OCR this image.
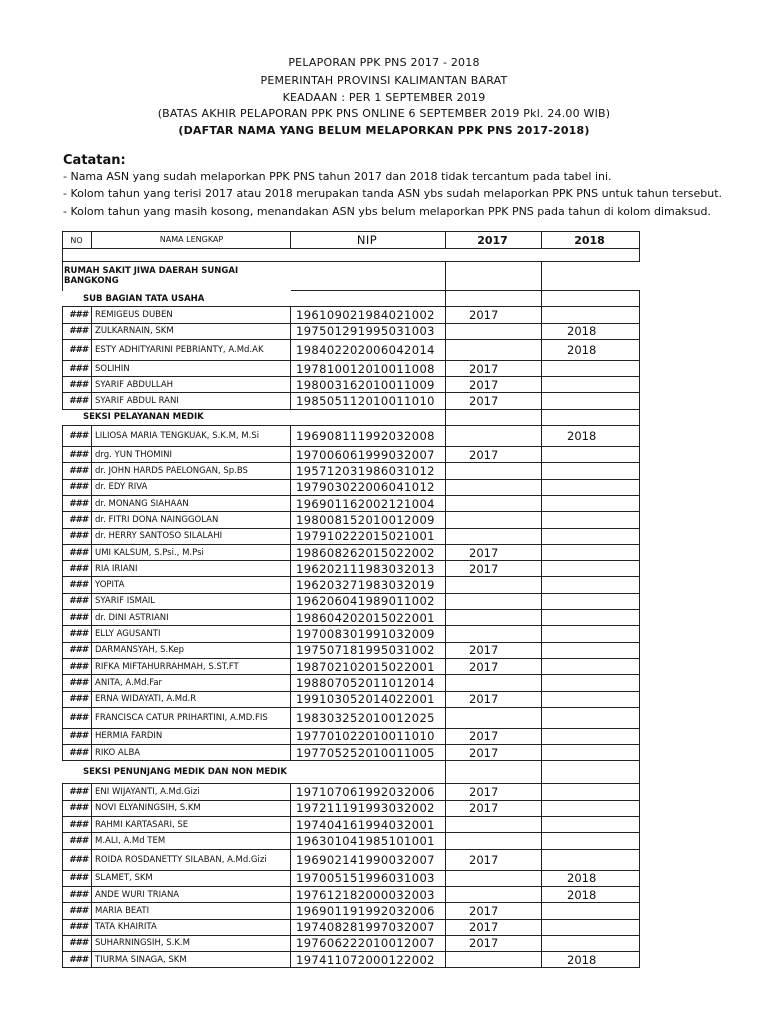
PELAPORAN PPK PNS 2017 - 2018
PEMERINTAH PROVINSI KALIMANTAN BARAT
KEADAAN : PER 1 SEPTEMBER 2019
(BATAS AKHIR PELAPORAN PPK PNS ONLINE 6 SEPTEMBER 2019 Pkl. 24.00 WIB)
(DAFTAR NAMA YANG BELUM MELAPORKAN PPK PNS 2017-2018)
Catatan:
- Nama ASN yang sudah melaporkan PPK PNS tahun 2017 dan 2018 tidak tercantum pada tabel ini.
- Kolom tahun yang terisi 2017 atau 2018 merupakan tanda ASN ybs sudah melaporkan PPK PNS untuk tahun tersebut.
- Kolom tahun yang masih kosong, menandakan ASN ybs belum melaporkan PPK PNS pada tahun di kolom dimaksud.
NO	NAMA LENGKAP	NIP	2017	2018

RUMAH SAKIT JIWA DAERAH SUNGAI BANGKONG				
SUB BAGIAN TATA USAHA				
###	REMIGEUS DUBEN	196109021984021002	2017	
###	ZULKARNAIN, SKM	197501291995031003		2018
###	ESTY ADHITYARINI PEBRIANTY, A.Md.AK	198402202006042014		2018
###	SOLIHIN	197810012010011008	2017	
###	SYARIF ABDULLAH	198003162010011009	2017	
###	SYARIF ABDUL RANI	198505112010011010	2017	
SEKSI PELAYANAN MEDIK				
###	LILIOSA MARIA TENGKUAK, S.K.M, M.Si	196908111992032008		2018
###	drg. YUN THOMINI	197006061999032007	2017	
###	dr. JOHN HARDS PAELONGAN, Sp.BS	195712031986031012		
###	dr. EDY RIVA	197903022006041012		
###	dr. MONANG SIAHAAN	196901162002121004		
###	dr. FITRI DONA NAINGGOLAN	198008152010012009		
###	dr. HERRY SANTOSO SILALAHI	197910222015021001		
###	UMI KALSUM, S.Psi., M.Psi	198608262015022002	2017	
###	RIA IRIANI	196202111983032013	2017	
###	YOPITA	196203271983032019		
###	SYARIF ISMAIL	196206041989011002		
###	dr. DINI ASTRIANI	198604202015022001		
###	ELLY AGUSANTI	197008301991032009		
###	DARMANSYAH, S.Kep	197507181995031002	2017	
###	RIFKA MIFTAHURRAHMAH, S.ST.FT	198702102015022001	2017	
###	ANITA, A.Md.Far	198807052011012014		
###	ERNA WIDAYATI, A.Md.R	199103052014022001	2017	
###	FRANCISCA CATUR PRIHARTINI, A.MD.FIS	198303252010012025		
###	HERMIA FARDIN	197701022010011010	2017	
###	RIKO ALBA	197705252010011005	2017	
SEKSI PENUNJANG MEDIK DAN NON MEDIK				
###	ENI WIJAYANTI, A.Md.Gizi	197107061992032006	2017	
###	NOVI ELYANINGSIH, S.KM	197211191993032002	2017	
###	RAHMI KARTASARI, SE	197404161994032001		
###	M.ALI, A.Md TEM	196301041985101001		
###	ROIDA ROSDANETTY SILABAN, A.Md.Gizi	196902141990032007	2017	
###	SLAMET, SKM	197005151996031003		2018
###	ANDE WURI TRIANA	197612182000032003		2018
###	MARIA BEATI	196901191992032006	2017	
###	TATA KHAIRITA	197408281997032007	2017	
###	SUHARNINGSIH, S.K.M	197606222010012007	2017	
###	TIURMA SINAGA, SKM	197411072000122002		2018
